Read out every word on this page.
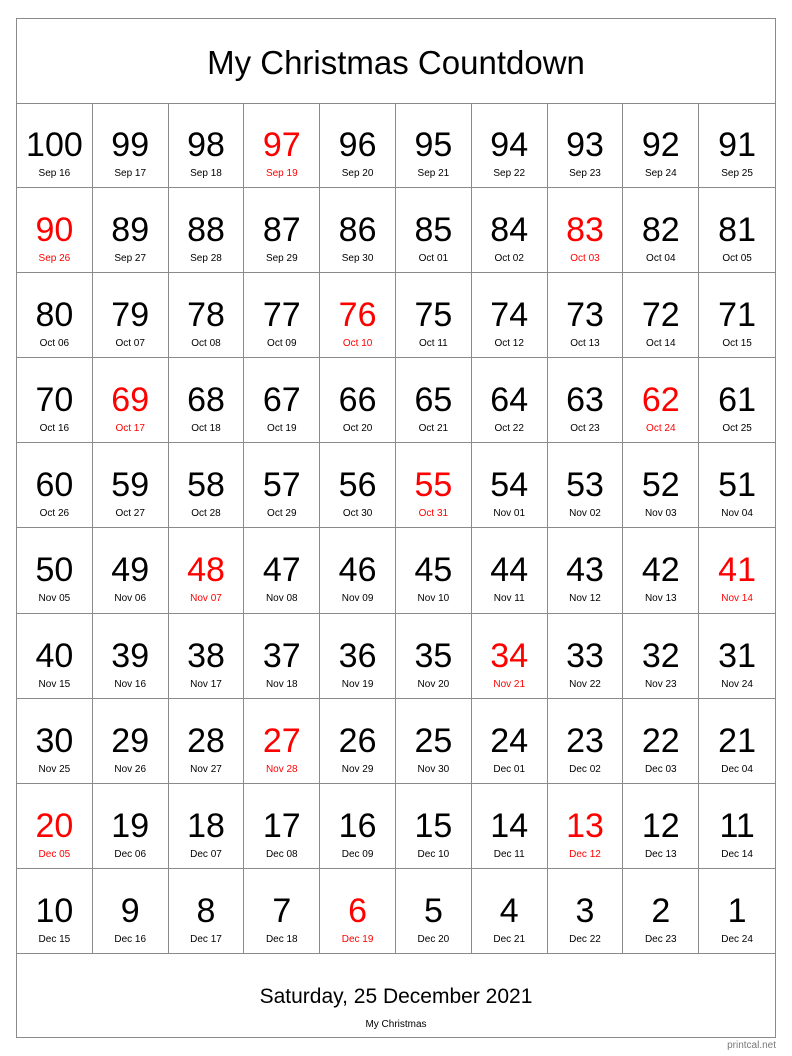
My Christmas Countdown
100
Sep 16
99
Sep 17
98
Sep 18
97
Sep 19
96
Sep 20
95
Sep 21
94
Sep 22
93
Sep 23
92
Sep 24
91
Sep 25
90
Sep 26
89
Sep 27
88
Sep 28
87
Sep 29
86
Sep 30
85
Oct 01
84
Oct 02
83
Oct 03
82
Oct 04
81
Oct 05
80
Oct 06
79
Oct 07
78
Oct 08
77
Oct 09
76
Oct 10
75
Oct 11
74
Oct 12
73
Oct 13
72
Oct 14
71
Oct 15
70
Oct 16
69
Oct 17
68
Oct 18
67
Oct 19
66
Oct 20
65
Oct 21
64
Oct 22
63
Oct 23
62
Oct 24
61
Oct 25
60
Oct 26
59
Oct 27
58
Oct 28
57
Oct 29
56
Oct 30
55
Oct 31
54
Nov 01
53
Nov 02
52
Nov 03
51
Nov 04
50
Nov 05
49
Nov 06
48
Nov 07
47
Nov 08
46
Nov 09
45
Nov 10
44
Nov 11
43
Nov 12
42
Nov 13
41
Nov 14
40
Nov 15
39
Nov 16
38
Nov 17
37
Nov 18
36
Nov 19
35
Nov 20
34
Nov 21
33
Nov 22
32
Nov 23
31
Nov 24
30
Nov 25
29
Nov 26
28
Nov 27
27
Nov 28
26
Nov 29
25
Nov 30
24
Dec 01
23
Dec 02
22
Dec 03
21
Dec 04
20
Dec 05
19
Dec 06
18
Dec 07
17
Dec 08
16
Dec 09
15
Dec 10
14
Dec 11
13
Dec 12
12
Dec 13
11
Dec 14
10
Dec 15
9
Dec 16
8
Dec 17
7
Dec 18
6
Dec 19
5
Dec 20
4
Dec 21
3
Dec 22
2
Dec 23
1
Dec 24
Saturday, 25 December 2021
My Christmas
printcal.net
